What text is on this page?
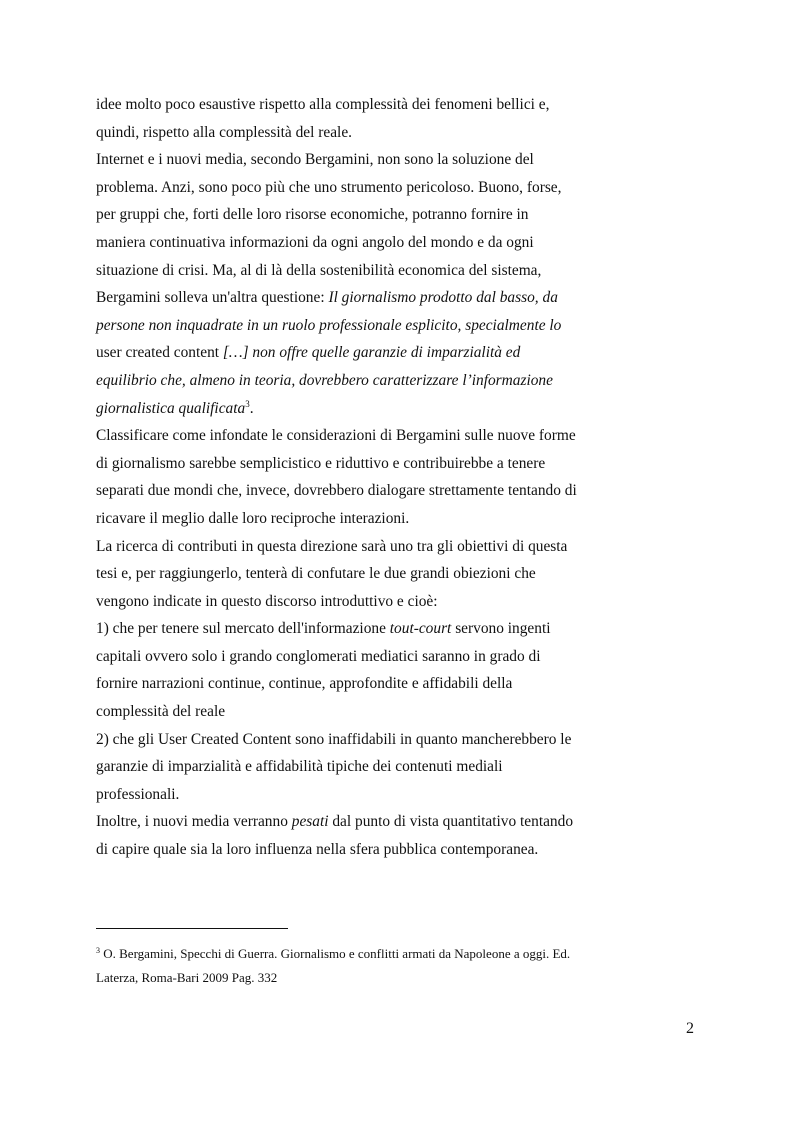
idee molto poco esaustive rispetto alla complessità dei fenomeni bellici e,
quindi, rispetto alla complessità del reale.
Internet e i nuovi media, secondo Bergamini, non sono la soluzione del
problema. Anzi, sono poco più che uno strumento pericoloso. Buono, forse,
per gruppi che, forti delle loro risorse economiche, potranno fornire in
maniera continuativa informazioni da ogni angolo del mondo e da ogni
situazione di crisi. Ma, al di là della sostenibilità economica del sistema,
Bergamini solleva un'altra questione: Il giornalismo prodotto dal basso, da
persone non inquadrate in un ruolo professionale esplicito, specialmente lo
user created content […] non offre quelle garanzie di imparzialità ed
equilibrio che, almeno in teoria, dovrebbero caratterizzare l’informazione
giornalistica qualificata$^3$.
Classificare come infondate le considerazioni di Bergamini sulle nuove forme
di giornalismo sarebbe semplicistico e riduttivo e contribuirebbe a tenere
separati due mondi che, invece, dovrebbero dialogare strettamente tentando di
ricavare il meglio dalle loro reciproche interazioni.
La ricerca di contributi in questa direzione sarà uno tra gli obiettivi di questa
tesi e, per raggiungerlo, tenterà di confutare le due grandi obiezioni che
vengono indicate in questo discorso introduttivo e cioè:
1) che per tenere sul mercato dell'informazione tout-court servono ingenti
capitali ovvero solo i grando conglomerati mediatici saranno in grado di
fornire narrazioni continue, continue, approfondite e affidabili della
complessità del reale
2) che gli User Created Content sono inaffidabili in quanto mancherebbero le
garanzie di imparzialità e affidabilità tipiche dei contenuti mediali
professionali.
Inoltre, i nuovi media verranno pesati dal punto di vista quantitativo tentando
di capire quale sia la loro influenza nella sfera pubblica contemporanea.
$^3$ O. Bergamini, Specchi di Guerra. Giornalismo e conflitti armati da Napoleone a oggi. Ed.
Laterza, Roma-Bari 2009 Pag. 332
2
